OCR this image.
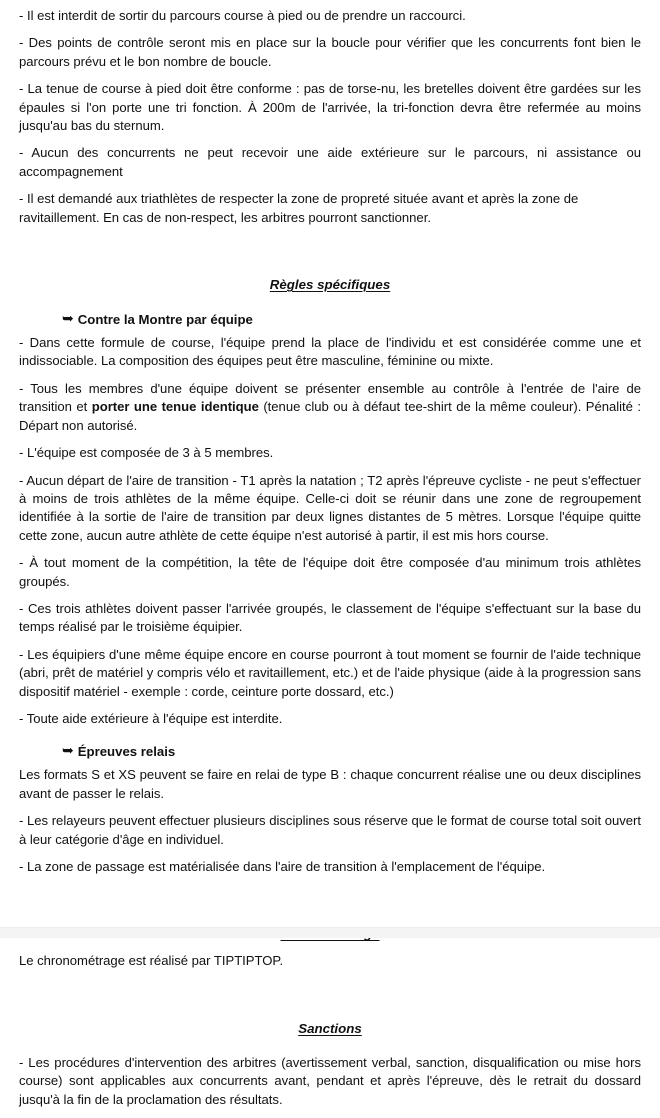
- Il est interdit de sortir du parcours course à pied ou de prendre un raccourci.

- Des points de contrôle seront mis en place sur la boucle pour vérifier que les concurrents font bien le parcours prévu et le bon nombre de boucle.

- La tenue de course à pied doit être conforme : pas de torse-nu, les bretelles doivent être gardées sur les épaules si l'on porte une tri fonction. À 200m de l'arrivée, la tri-fonction devra être refermée au moins jusqu'au bas du sternum.

- Aucun des concurrents ne peut recevoir une aide extérieure sur le parcours, ni assistance ou accompagnement

- Il est demandé aux triathlètes de respecter la zone de propreté située avant et après la zone de ravitaillement. En cas de non-respect, les arbitres pourront sanctionner.

Règles spécifiques
➥ Contre la Montre par équipe

- Dans cette formule de course, l'équipe prend la place de l'individu et est considérée comme une et indissociable. La composition des équipes peut être masculine, féminine ou mixte.

- Tous les membres d'une équipe doivent se présenter ensemble au contrôle à l'entrée de l'aire de transition et porter une tenue identique (tenue club ou à défaut tee-shirt de la même couleur). Pénalité : Départ non autorisé.

- L'équipe est composée de 3 à 5 membres.

- Aucun départ de l'aire de transition - T1 après la natation ; T2 après l'épreuve cycliste - ne peut s'effectuer à moins de trois athlètes de la même équipe. Celle-ci doit se réunir dans une zone de regroupement identifiée à la sortie de l'aire de transition par deux lignes distantes de 5 mètres. Lorsque l'équipe quitte cette zone, aucun autre athlète de cette équipe n'est autorisé à partir, il est mis hors course.

- À tout moment de la compétition, la tête de l'équipe doit être composée d'au minimum trois athlètes groupés.

- Ces trois athlètes doivent passer l'arrivée groupés, le classement de l'équipe s'effectuant sur la base du temps réalisé par le troisième équipier.

- Les équipiers d'une même équipe encore en course pourront à tout moment se fournir de l'aide technique (abri, prêt de matériel y compris vélo et ravitaillement, etc.) et de l'aide physique (aide à la progression sans dispositif matériel - exemple : corde, ceinture porte dossard, etc.)

- Toute aide extérieure à l'équipe est interdite.

➥ Épreuves relais

Les formats S et XS peuvent se faire en relai de type B : chaque concurrent réalise une ou deux disciplines avant de passer le relais.

- Les relayeurs peuvent effectuer plusieurs disciplines sous réserve que le format de course total soit ouvert à leur catégorie d'âge en individuel.

- La zone de passage est matérialisée dans l'aire de transition à l'emplacement de l'équipe.

Le chronométrage est réalisé par TIPTIPTOP.

Sanctions

- Les procédures d'intervention des arbitres (avertissement verbal, sanction, disqualification ou mise hors course) sont applicables aux concurrents avant, pendant et après l'épreuve, dès le retrait du dossard jusqu'à la fin de la proclamation des résultats.
